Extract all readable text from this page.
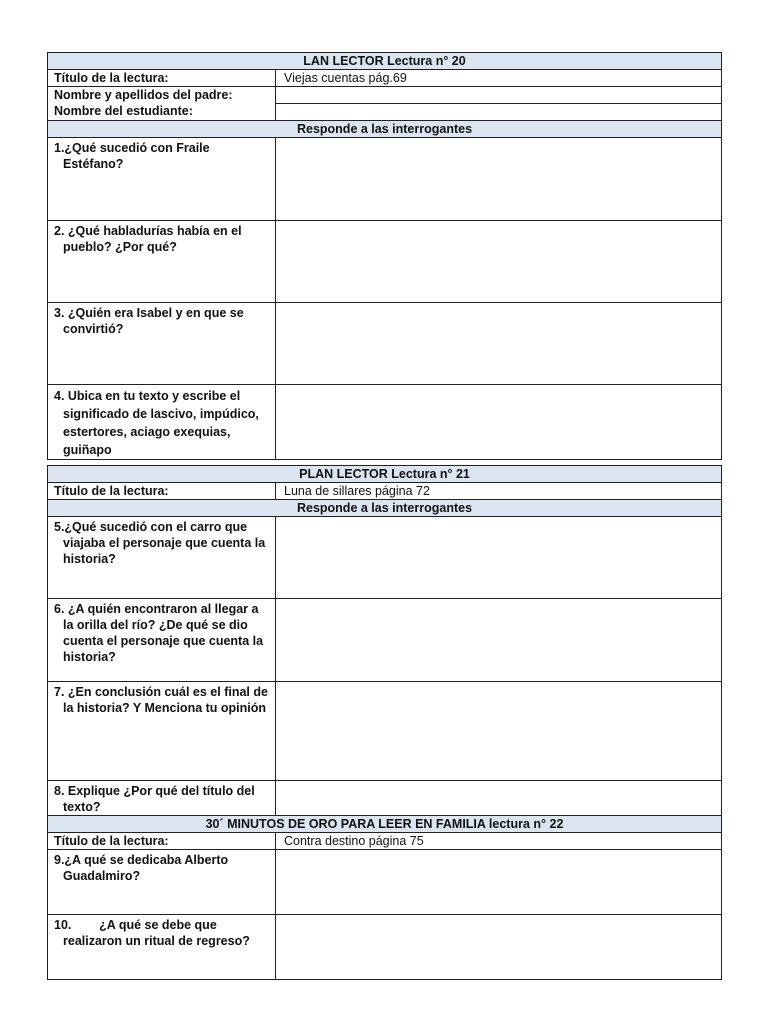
LAN LECTOR Lectura n° 20	
Título de la lectura:	Viejas cuentas pág.69

Nombre y apellidos del padre:
Nombre del estudiante:	

Responde a las interrogantes	

1.¿Qué sucedió con Fraile Estéfano?	

2. ¿Qué habladurías había en el pueblo? ¿Por qué?	

3. ¿Quién era Isabel y en que se convirtió?	

4. Ubica en tu texto y escribe el significado de lascivo, impúdico, estertores, aciago exequias, guiñapo	

PLAN LECTOR Lectura n° 21	
Título de la lectura:	Luna de sillares página 72
Responde a las interrogantes	

5.¿Qué sucedió con el carro que viajaba el personaje que cuenta la historia?	

6. ¿A quién encontraron al llegar a la orilla del río? ¿De qué se dio cuenta el personaje que cuenta la historia?	

7. ¿En conclusión cuál es el final de la historia? Y Menciona tu opinión	

8. Explique ¿Por qué del título del texto?	

30´ MINUTOS DE ORO PARA LEER EN FAMILIA lectura n° 22	
Título de la lectura:	Contra destino página 75

9.¿A qué se dedicaba Alberto Guadalmiro?	

10.        ¿A qué se debe que realizaron un ritual de regreso?	
